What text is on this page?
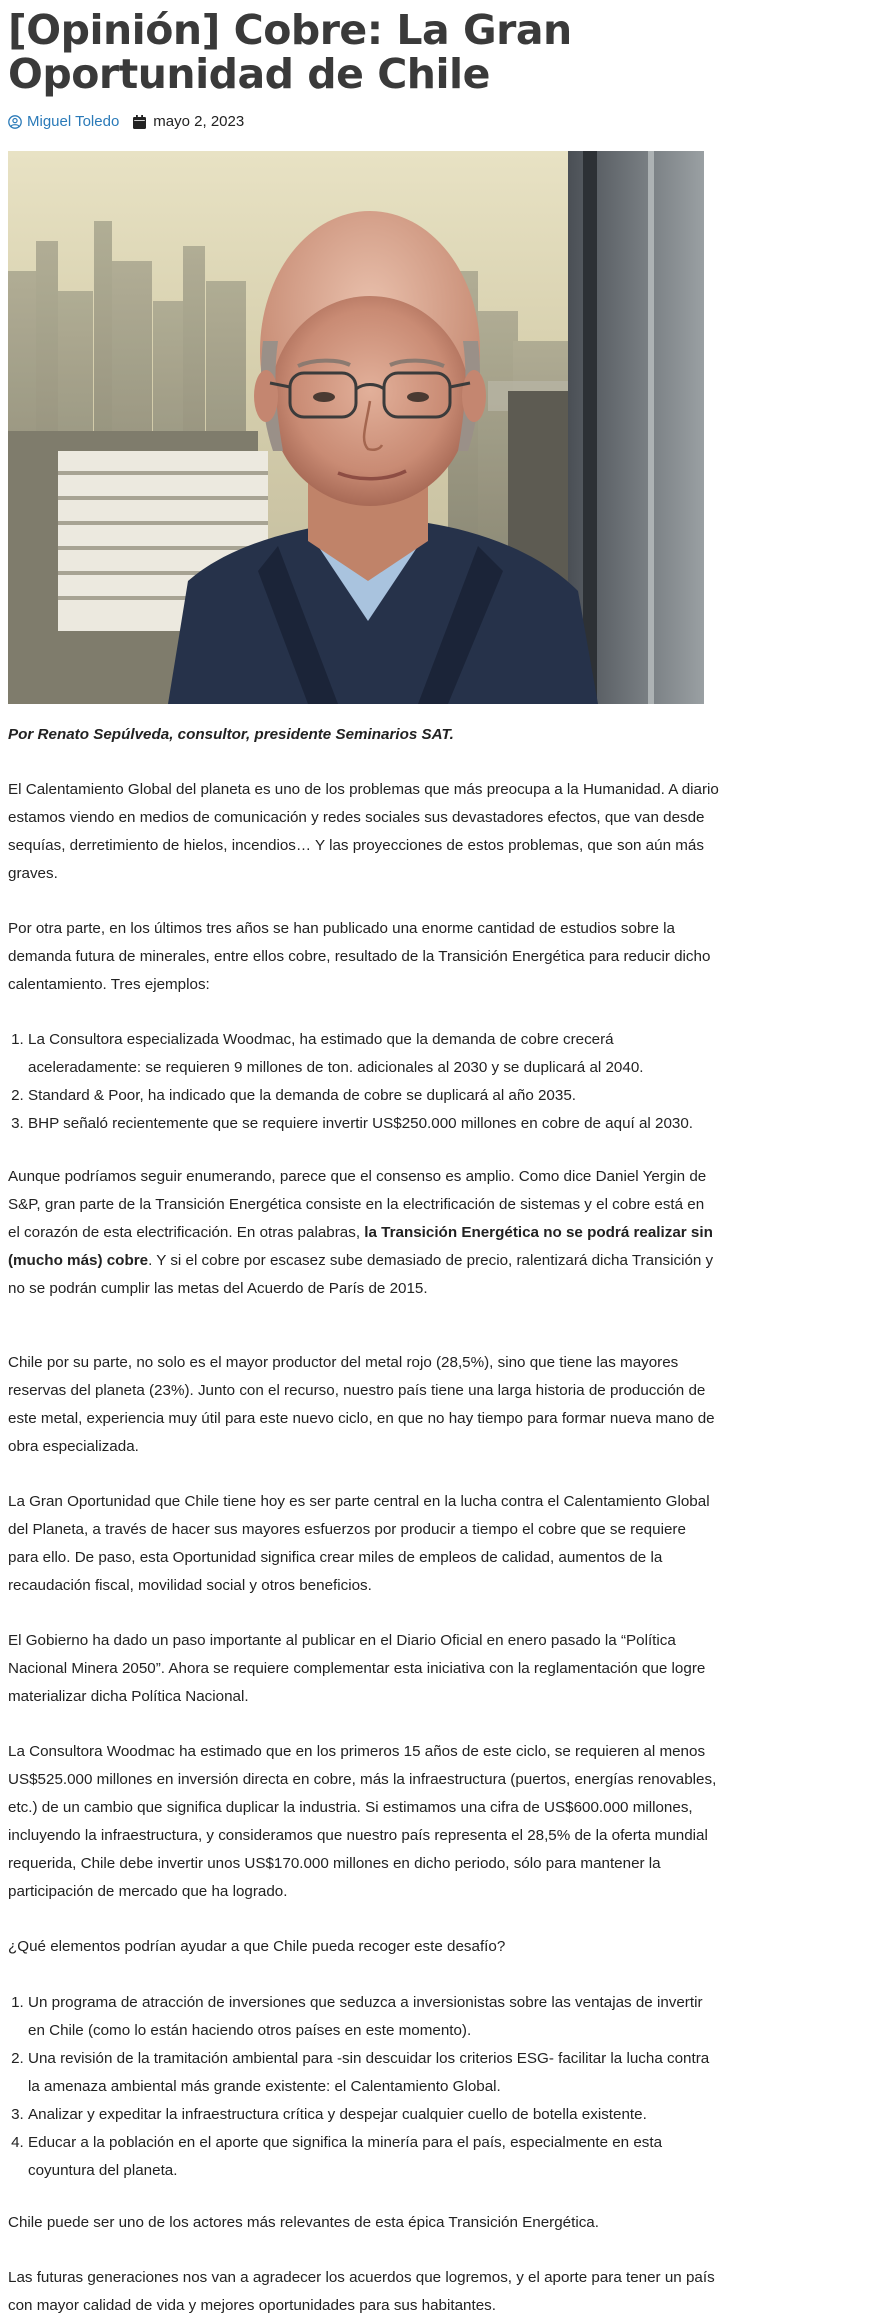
[Opinión] Cobre: La Gran Oportunidad de Chile
Miguel Toledo mayo 2, 2023

Por Renato Sepúlveda, consultor, presidente Seminarios SAT.

El Calentamiento Global del planeta es uno de los problemas que más preocupa a la Humanidad. A diario estamos viendo en medios de comunicación y redes sociales sus devastadores efectos, que van desde sequías, derretimiento de hielos, incendios… Y las proyecciones de estos problemas, que son aún más graves.

Por otra parte, en los últimos tres años se han publicado una enorme cantidad de estudios sobre la demanda futura de minerales, entre ellos cobre, resultado de la Transición Energética para reducir dicho calentamiento. Tres ejemplos:

1. La Consultora especializada Woodmac, ha estimado que la demanda de cobre crecerá aceleradamente: se requieren 9 millones de ton. adicionales al 2030 y se duplicará al 2040.
2. Standard & Poor, ha indicado que la demanda de cobre se duplicará al año 2035.
3. BHP señaló recientemente que se requiere invertir US$250.000 millones en cobre de aquí al 2030.

Aunque podríamos seguir enumerando, parece que el consenso es amplio. Como dice Daniel Yergin de S&P, gran parte de la Transición Energética consiste en la electrificación de sistemas y el cobre está en el corazón de esta electrificación. En otras palabras, la Transición Energética no se podrá realizar sin (mucho más) cobre. Y si el cobre por escasez sube demasiado de precio, ralentizará dicha Transición y no se podrán cumplir las metas del Acuerdo de París de 2015.

Chile por su parte, no solo es el mayor productor del metal rojo (28,5%), sino que tiene las mayores reservas del planeta (23%). Junto con el recurso, nuestro país tiene una larga historia de producción de este metal, experiencia muy útil para este nuevo ciclo, en que no hay tiempo para formar nueva mano de obra especializada.

La Gran Oportunidad que Chile tiene hoy es ser parte central en la lucha contra el Calentamiento Global del Planeta, a través de hacer sus mayores esfuerzos por producir a tiempo el cobre que se requiere para ello. De paso, esta Oportunidad significa crear miles de empleos de calidad, aumentos de la recaudación fiscal, movilidad social y otros beneficios.

El Gobierno ha dado un paso importante al publicar en el Diario Oficial en enero pasado la “Política Nacional Minera 2050”. Ahora se requiere complementar esta iniciativa con la reglamentación que logre materializar dicha Política Nacional.

La Consultora Woodmac ha estimado que en los primeros 15 años de este ciclo, se requieren al menos US$525.000 millones en inversión directa en cobre, más la infraestructura (puertos, energías renovables, etc.) de un cambio que significa duplicar la industria. Si estimamos una cifra de US$600.000 millones, incluyendo la infraestructura, y consideramos que nuestro país representa el 28,5% de la oferta mundial requerida, Chile debe invertir unos US$170.000 millones en dicho periodo, sólo para mantener la participación de mercado que ha logrado.

¿Qué elementos podrían ayudar a que Chile pueda recoger este desafío?

1. Un programa de atracción de inversiones que seduzca a inversionistas sobre las ventajas de invertir en Chile (como lo están haciendo otros países en este momento).
2. Una revisión de la tramitación ambiental para -sin descuidar los criterios ESG- facilitar la lucha contra la amenaza ambiental más grande existente: el Calentamiento Global.
3. Analizar y expeditar la infraestructura crítica y despejar cualquier cuello de botella existente.
4. Educar a la población en el aporte que significa la minería para el país, especialmente en esta coyuntura del planeta.

Chile puede ser uno de los actores más relevantes de esta épica Transición Energética.

Las futuras generaciones nos van a agradecer los acuerdos que logremos, y el aporte para tener un país con mayor calidad de vida y mejores oportunidades para sus habitantes.
